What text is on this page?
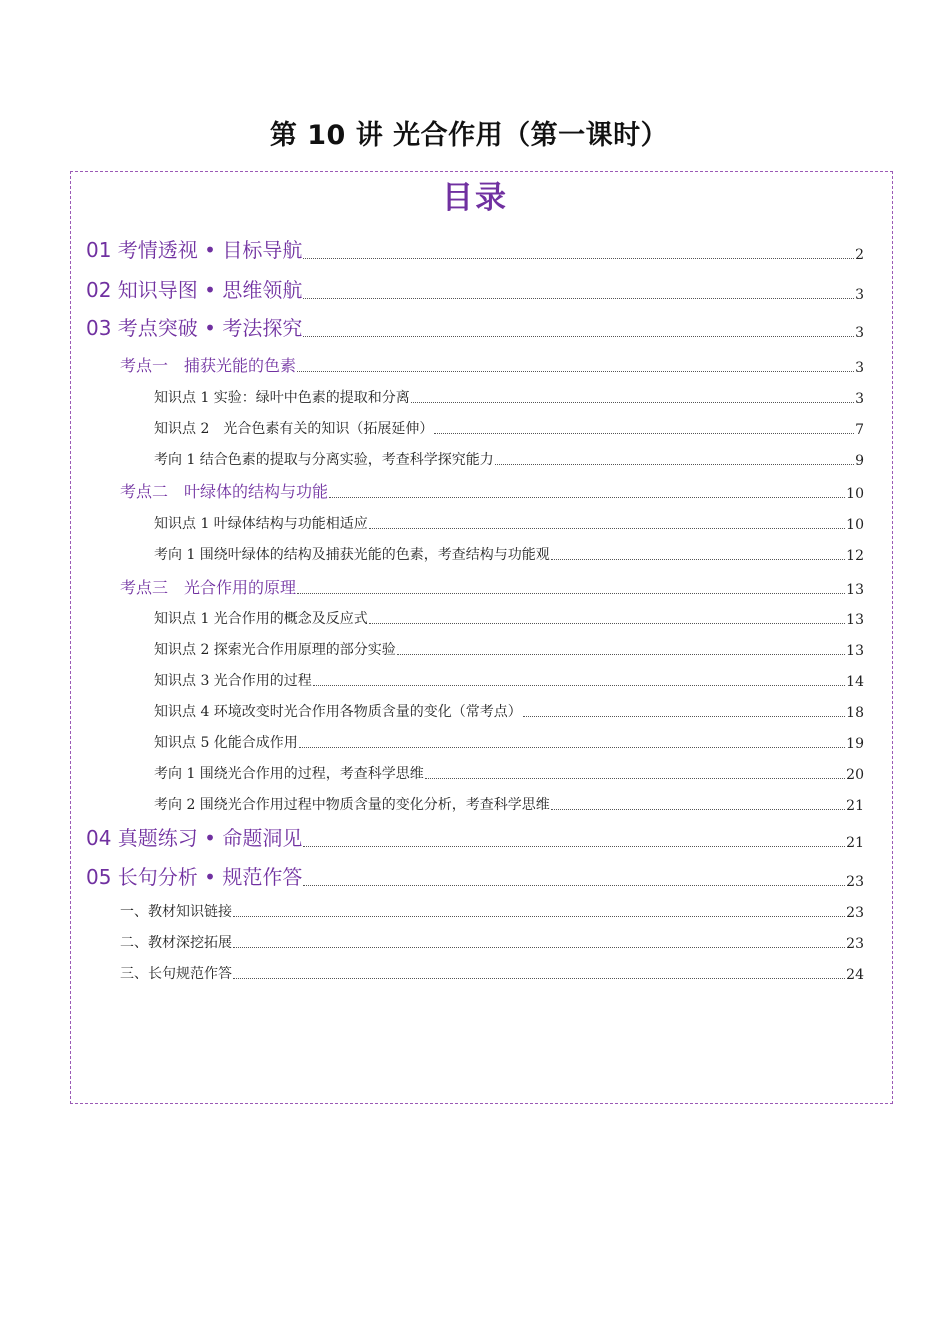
第 10 讲 光合作用（第一课时）
目录
01 考情透视 • 目标导航	2
02 知识导图 • 思维领航	3
03 考点突破 • 考法探究	3
考点一　捕获光能的色素	3
知识点 1 实验：绿叶中色素的提取和分离	3
知识点 2　光合色素有关的知识（拓展延伸）	7
考向 1 结合色素的提取与分离实验，考查科学探究能力	9
考点二　叶绿体的结构与功能	10
知识点 1 叶绿体结构与功能相适应	10
考向 1 围绕叶绿体的结构及捕获光能的色素，考查结构与功能观	12
考点三　光合作用的原理	13
知识点 1 光合作用的概念及反应式	13
知识点 2 探索光合作用原理的部分实验	13
知识点 3 光合作用的过程	14
知识点 4 环境改变时光合作用各物质含量的变化（常考点）	18
知识点 5 化能合成作用	19
考向 1 围绕光合作用的过程，考查科学思维	20
考向 2 围绕光合作用过程中物质含量的变化分析，考查科学思维	21
04 真题练习 • 命题洞见	21
05 长句分析 • 规范作答	23
一、教材知识链接	23
二、教材深挖拓展	23
三、长句规范作答	24
